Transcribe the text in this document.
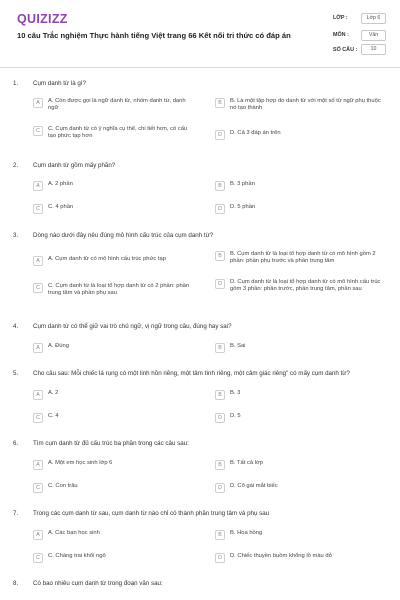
QUIZIZZ
10 câu Trắc nghiệm Thực hành tiếng Việt trang 66 Kết nối tri thức có đáp án
LỚP :	Lớp 6
MÔN :	Văn
SỐ CÂU :	10
1. Cụm danh từ là gì?
A	A. Còn được gọi là ngữ danh từ, nhóm danh từ, danh ngữ
B	B. Là một tập hợp do danh từ với một số từ ngữ phụ thuộc nó tạo thành
C	C. Cụm danh từ có ý nghĩa cụ thể, chi tiết hơn, có cấu tạo phức tạp hơn	D	D. Cả 3 đáp án trên
2. Cụm danh từ gồm mấy phần?
A	A. 2 phần	B	B. 3 phần
C	C. 4 phần	D	D. 5 phần
3. Dòng nào dưới đây nêu đúng mô hình cấu trúc của cụm danh từ?
A	A. Cụm danh từ có mô hình cấu trúc phức tạp	B	B. Cụm danh từ là loại tổ hợp danh từ có mô hình gồm 2 phần: phần phụ trước và phần trung tâm
C	C. Cụm danh từ là loại tổ hợp danh từ có 2 phần: phần trung tâm và phần phụ sau
D	D. Cụm danh từ là loại tổ hợp danh từ có mô hình cấu trúc gồm 3 phần: phần trước, phần trung tâm, phần sau
4. Cụm danh từ có thể giữ vai trò chủ ngữ, vị ngữ trong câu, đúng hay sai?
A	A. Đúng	B	B. Sai
5. Cho câu sau: Mỗi chiếc lá rụng có một linh hồn riêng, một tâm tình riêng, một cảm giác riêng" có mấy cụm danh từ?
A	A. 2	B	B. 3
C	C. 4	D	D. 5
6. Tìm cụm danh từ đủ cấu trúc ba phần trong các câu sau:
A	A. Một em học sinh lớp 6	B	B. Tất cả lớp
C	C. Con trâu	D	D. Cô gái mắt biếc
7. Trong các cụm danh từ sau, cụm danh từ nào chỉ có thành phần trung tâm và phụ sau
A	A. Các bạn học sinh	B	B. Hoa hồng
C	C. Chàng trai khôi ngô	D	D. Chiếc thuyền buồm khổng lồ màu đỏ
8. Có bao nhiêu cụm danh từ trong đoạn văn sau:
